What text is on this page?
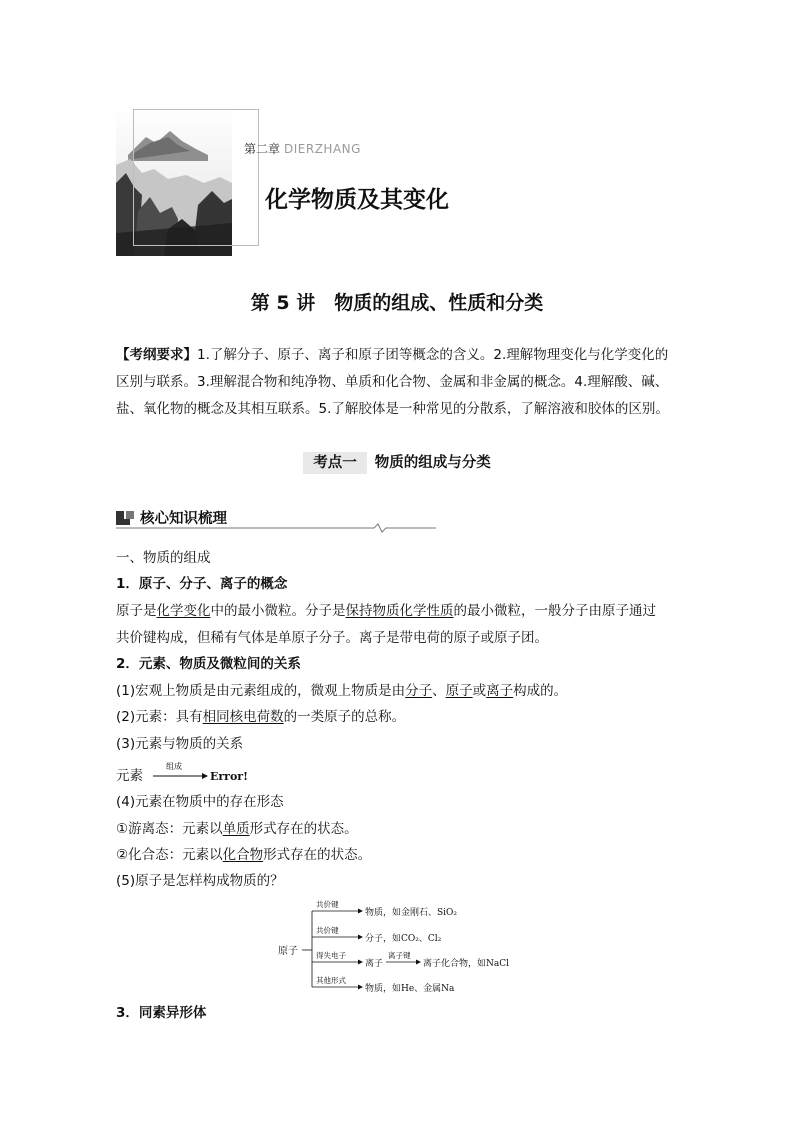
第二章 DIERZHANG
化学物质及其变化
第 5 讲　物质的组成、性质和分类
【考纲要求】1.了解分子、原子、离子和原子团等概念的含义。2.理解物理变化与化学变化的区别与联系。3.理解混合物和纯净物、单质和化合物、金属和非金属的概念。4.理解酸、碱、盐、氧化物的概念及其相互联系。5.了解胶体是一种常见的分散系，了解溶液和胶体的区别。
考点一 物质的组成与分类
核心知识梳理
一、物质的组成
1．原子、分子、离子的概念
原子是化学变化中的最小微粒。分子是保持物质化学性质的最小微粒，一般分子由原子通过
共价键构成，但稀有气体是单原子分子。离子是带电荷的原子或原子团。
2．元素、物质及微粒间的关系
(1)宏观上物质是由元素组成的，微观上物质是由分子、原子或离子构成的。
(2)元素：具有相同核电荷数的一类原子的总称。
(3)元素与物质的关系
元素
组成
Error!
(4)元素在物质中的存在形态
①游离态：元素以单质形式存在的状态。
②化合态：元素以化合物形式存在的状态。
(5)原子是怎样构成物质的？
原子
共价键
物质，如金刚石、SiO₂
共价键
分子，如CO₂、Cl₂
得失电子
离子
离子键
离子化合物，如NaCl
其他形式
物质，如He、金属Na
3．同素异形体
